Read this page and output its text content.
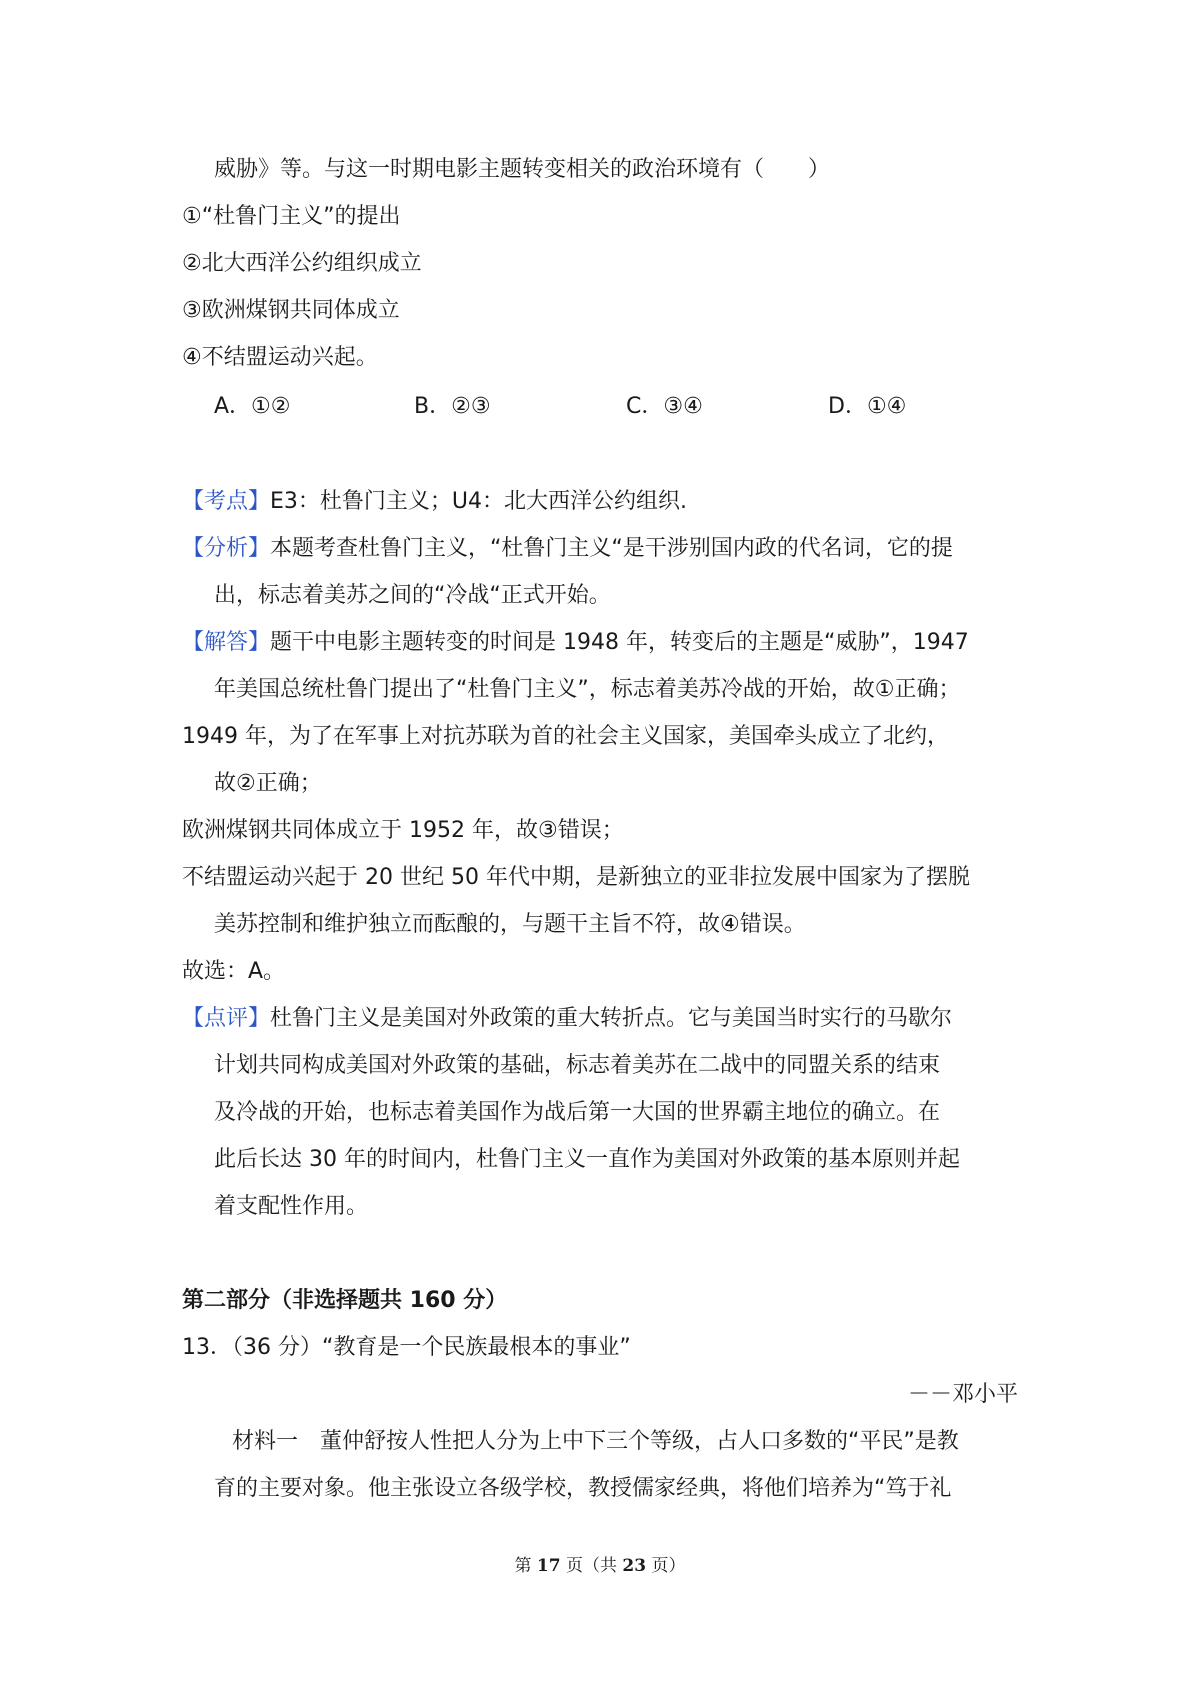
威胁》等。与这一时期电影主题转变相关的政治环境有（　　）
①“杜鲁门主义”的提出
②北大西洋公约组织成立
③欧洲煤钢共同体成立
④不结盟运动兴起。
A．①②	B．②③	C．③④	D．①④
【考点】E3：杜鲁门主义；U4：北大西洋公约组织.
【分析】本题考查杜鲁门主义，“杜鲁门主义“是干涉别国内政的代名词，它的提
出，标志着美苏之间的“冷战“正式开始。
【解答】题干中电影主题转变的时间是 1948 年，转变后的主题是“威胁”，1947
年美国总统杜鲁门提出了“杜鲁门主义”，标志着美苏冷战的开始，故①正确；
1949 年，为了在军事上对抗苏联为首的社会主义国家，美国牵头成立了北约，
故②正确；
欧洲煤钢共同体成立于 1952 年，故③错误；
不结盟运动兴起于 20 世纪 50 年代中期，是新独立的亚非拉发展中国家为了摆脱
美苏控制和维护独立而酝酿的，与题干主旨不符，故④错误。
故选：A。
【点评】杜鲁门主义是美国对外政策的重大转折点。它与美国当时实行的马歇尔
计划共同构成美国对外政策的基础，标志着美苏在二战中的同盟关系的结束
及冷战的开始，也标志着美国作为战后第一大国的世界霸主地位的确立。在
此后长达 30 年的时间内，杜鲁门主义一直作为美国对外政策的基本原则并起
着支配性作用。
第二部分（非选择题共 160 分）
13．（36 分）“教育是一个民族最根本的事业”
－－邓小平
材料一　董仲舒按人性把人分为上中下三个等级，占人口多数的“平民”是教
育的主要对象。他主张设立各级学校，教授儒家经典，将他们培养为“笃于礼
第 17 页（共 23 页）
